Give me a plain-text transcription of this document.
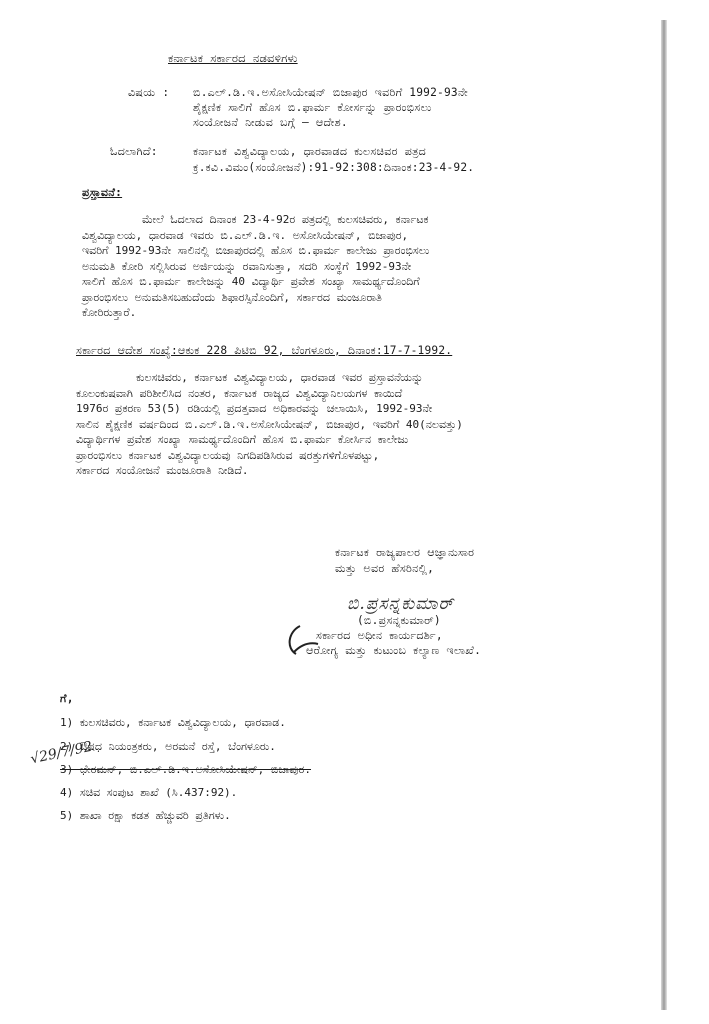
ಕರ್ನಾಟಕ ಸರ್ಕಾರದ ನಡವಳಿಗಳು
ವಿಷಯ : ಬಿ.ಎಲ್.ಡಿ.ಇ.ಅಸೋಸಿಯೇಷನ್ ಬಿಜಾಪುರ ಇವರಿಗೆ 1992-93ನೇ
ಶೈಕ್ಷಣಿಕ ಸಾಲಿಗೆ ಹೊಸ ಬಿ.ಫಾರ್ಮ ಕೋರ್ಸನ್ನು ಪ್ರಾರಂಭಿಸಲು
ಸಂಯೋಜನೆ ನೀಡುವ ಬಗ್ಗೆ — ಆದೇಶ.
ಓದಲಾಗಿದೆ:	ಕರ್ನಾಟಕ ವಿಶ್ವವಿದ್ಯಾಲಯ, ಧಾರವಾಡದ ಕುಲಸಚಿವರ ಪತ್ರದ
ಕ್ರ.ಕವಿ.ವಿಮಂ(ಸಂಯೋಜನೆ):91-92:308:ದಿನಾಂಕ:23-4-92.
ಪ್ರಸ್ತಾವನೆ:
ಮೇಲೆ ಓದಲಾದ ದಿನಾಂಕ 23-4-92ರ ಪತ್ರದಲ್ಲಿ ಕುಲಸಚಿವರು, ಕರ್ನಾಟಕ
ವಿಶ್ವವಿದ್ಯಾಲಯ, ಧಾರವಾಡ ಇವರು ಬಿ.ಎಲ್.ಡಿ.ಇ. ಅಸೋಸಿಯೇಷನ್, ಬಿಜಾಪುರ,
ಇವರಿಗೆ 1992-93ನೇ ಸಾಲಿನಲ್ಲಿ ಬಿಜಾಪುರದಲ್ಲಿ ಹೊಸ ಬಿ.ಫಾರ್ಮ ಕಾಲೇಜು ಪ್ರಾರಂಭಿಸಲು
ಅನುಮತಿ ಕೋರಿ ಸಲ್ಲಿಸಿರುವ ಅರ್ಜಿಯನ್ನು ರವಾನಿಸುತ್ತಾ, ಸದರಿ ಸಂಸ್ಥೆಗೆ 1992-93ನೇ
ಸಾಲಿಗೆ ಹೊಸ ಬಿ.ಫಾರ್ಮ ಕಾಲೇಜನ್ನು 40 ವಿದ್ಯಾರ್ಥಿ ಪ್ರವೇಶ ಸಂಖ್ಯಾ ಸಾಮರ್ಥ್ಯದೊಂದಿಗೆ
ಪ್ರಾರಂಭಿಸಲು ಅನುಮತಿಸಬಹುದೆಂದು ಶಿಫಾರಸ್ಸಿನೊಂದಿಗೆ, ಸರ್ಕಾರದ ಮಂಜೂರಾತಿ
ಕೋರಿರುತ್ತಾರೆ.
ಸರ್ಕಾರದ ಆದೇಶ ಸಂಖ್ಯೆ:ಆಕುಕ 228 ಪಿಟಿಬಿ 92, ಬೆಂಗಳೂರು, ದಿನಾಂಕ:17-7-1992.
ಕುಲಸಚಿವರು, ಕರ್ನಾಟಕ ವಿಶ್ವವಿದ್ಯಾಲಯ, ಧಾರವಾಡ ಇವರ ಪ್ರಸ್ತಾವನೆಯನ್ನು
ಕೂಲಂಕುಷವಾಗಿ ಪರಿಶೀಲಿಸಿದ ನಂತರ, ಕರ್ನಾಟಕ ರಾಜ್ಯದ ವಿಶ್ವವಿದ್ಯಾನಿಲಯಗಳ ಕಾಯಿದೆ
1976ರ ಪ್ರಕರಣ 53(5) ರಡಿಯಲ್ಲಿ ಪ್ರದತ್ತವಾದ ಅಧಿಕಾರವನ್ನು ಚಲಾಯಿಸಿ, 1992-93ನೇ
ಸಾಲಿನ ಶೈಕ್ಷಣಿಕ ವರ್ಷದಿಂದ ಬಿ.ಎಲ್.ಡಿ.ಇ.ಅಸೋಸಿಯೇಷನ್, ಬಿಜಾಪುರ, ಇವರಿಗೆ 40(ನಲವತ್ತು)
ವಿದ್ಯಾರ್ಥಿಗಳ ಪ್ರವೇಶ ಸಂಖ್ಯಾ ಸಾಮರ್ಥ್ಯದೊಂದಿಗೆ ಹೊಸ ಬಿ.ಫಾರ್ಮ ಕೋರ್ಸಿನ ಕಾಲೇಜು
ಪ್ರಾರಂಭಿಸಲು ಕರ್ನಾಟಕ ವಿಶ್ವವಿದ್ಯಾಲಯವು ನಿಗದಿಪಡಿಸಿರುವ ಷರತ್ತುಗಳಿಗೊಳಪಟ್ಟು,
ಸರ್ಕಾರದ ಸಂಯೋಜನೆ ಮಂಜೂರಾತಿ ನೀಡಿದೆ.
ಕರ್ನಾಟಕ ರಾಜ್ಯಪಾಲರ ಆಜ್ಞಾನುಸಾರ
ಮತ್ತು ಅವರ ಹೆಸರಿನಲ್ಲಿ,
ಬಿ.ಪ್ರಸನ್ನಕುಮಾರ್
(ಬಿ.ಪ್ರಸನ್ನಕುಮಾರ್)
ಸರ್ಕಾರದ ಅಧೀನ ಕಾರ್ಯದರ್ಶಿ,
ಆರೋಗ್ಯ ಮತ್ತು ಕುಟುಂಬ ಕಲ್ಯಾಣ ಇಲಾಖೆ.
ಗೆ,
1) ಕುಲಸಚಿವರು, ಕರ್ನಾಟಕ ವಿಶ್ವವಿದ್ಯಾಲಯ, ಧಾರವಾಡ.
2) ಔಷಧ ನಿಯಂತ್ರಕರು, ಅರಮನೆ ರಸ್ತೆ, ಬೆಂಗಳೂರು.
3) ಛೇರಮನ್, ಬಿ.ಎಲ್.ಡಿ.ಇ.ಅಸೋಸಿಯೇಷನ್, ಬಿಜಾಪುರ.
4) ಸಚಿವ ಸಂಪುಟ ಶಾಖೆ (ಸಿ.437:92).
5) ಶಾಖಾ ರಕ್ಷಾ ಕಡತ ಹೆಚ್ಚುವರಿ ಪ್ರತಿಗಳು.
√29/7/92
